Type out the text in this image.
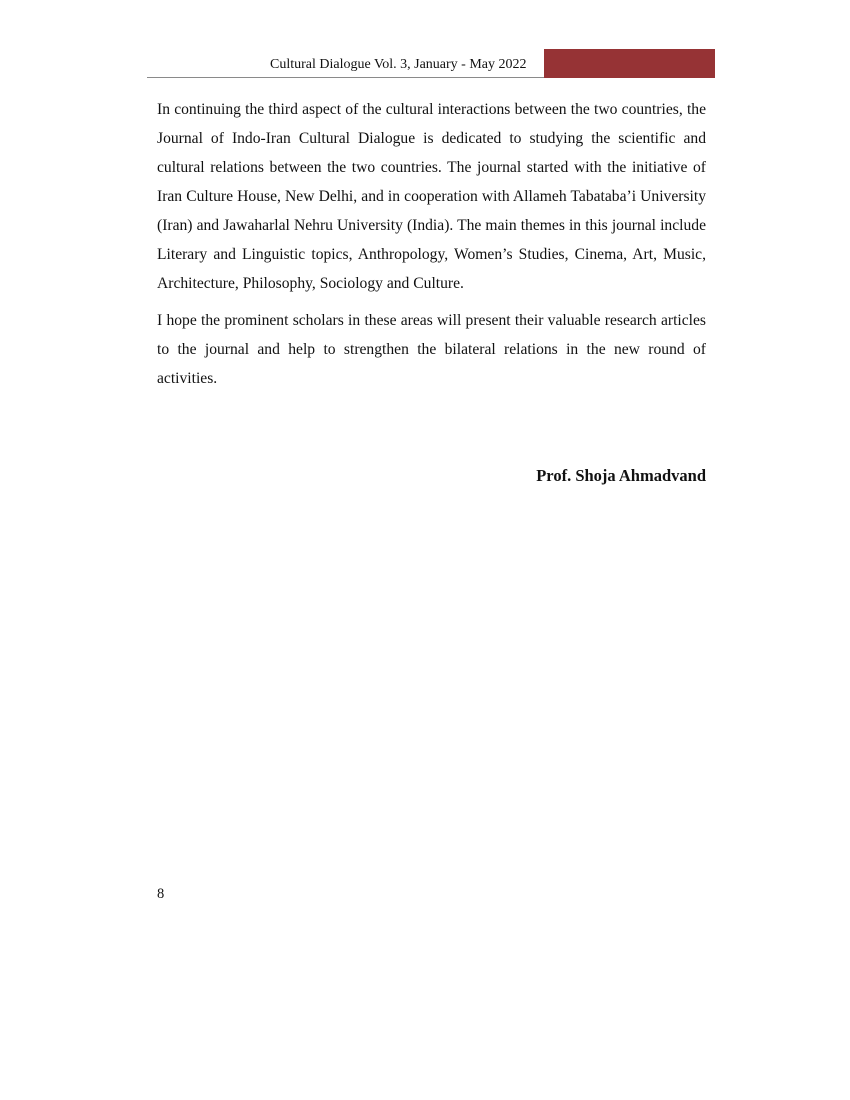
Cultural Dialogue Vol. 3, January - May 2022

In continuing the third aspect of the cultural interactions between the two countries, the Journal of Indo-Iran Cultural Dialogue is dedicated to studying the scientific and cultural relations between the two countries. The journal started with the initiative of Iran Culture House, New Delhi, and in cooperation with Allameh Tabataba’i University (Iran) and Jawaharlal Nehru University (India). The main themes in this journal include Literary and Linguistic topics, Anthropology, Women’s Studies, Cinema, Art, Music, Architecture, Philosophy, Sociology and Culture.

I hope the prominent scholars in these areas will present their valuable research articles to the journal and help to strengthen the bilateral relations in the new round of activities.

Prof. Shoja Ahmadvand
8
